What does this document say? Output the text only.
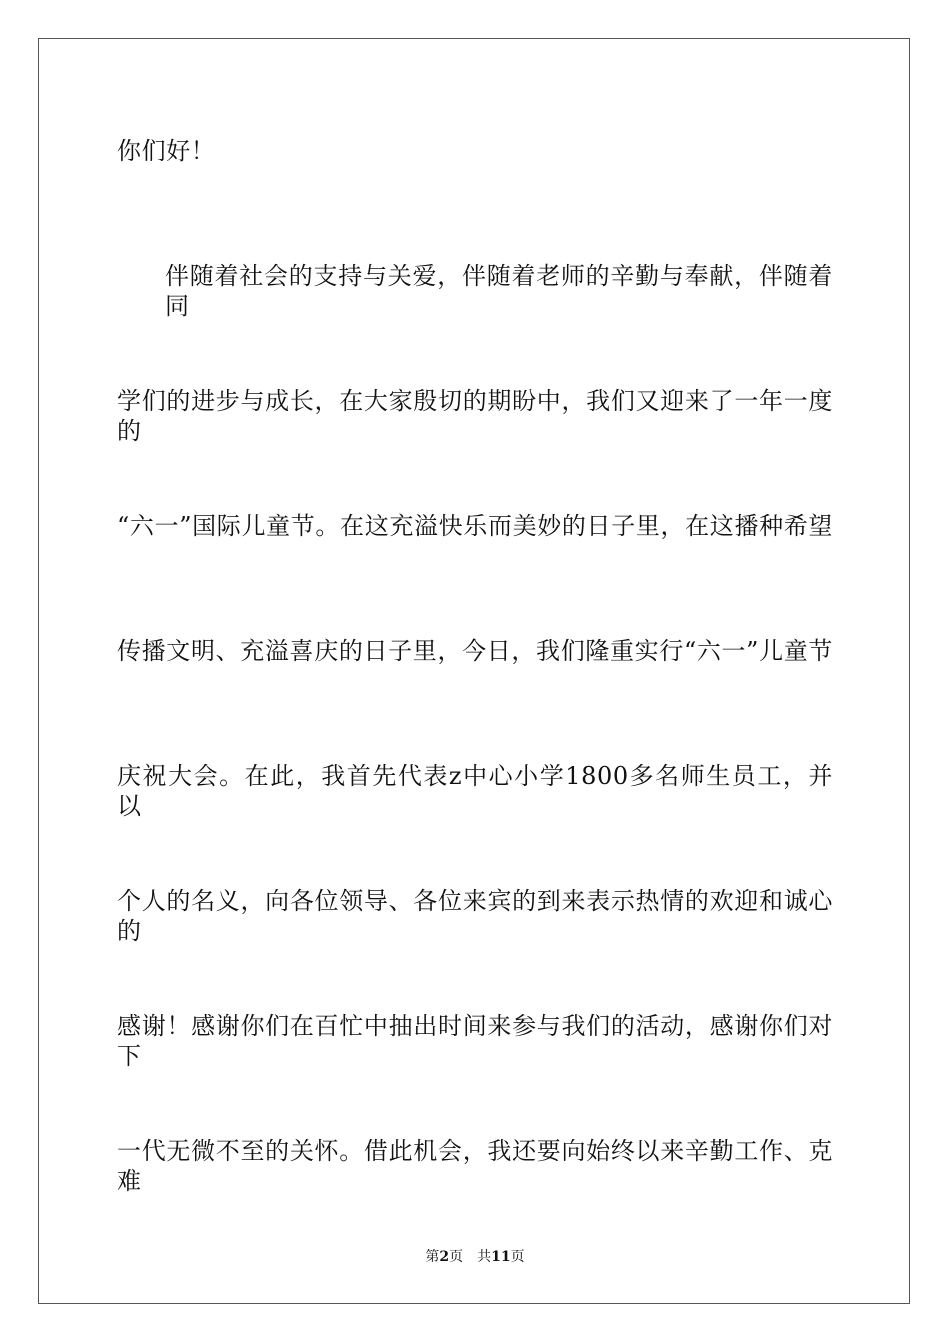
你们好！
伴随着社会的支持与关爱，伴随着老师的辛勤与奉献，伴随着同
学们的进步与成长，在大家殷切的期盼中，我们又迎来了一年一度的
“六一”国际儿童节。在这充溢快乐而美妙的日子里，在这播种希望
传播文明、充溢喜庆的日子里，今日，我们隆重实行“六一”儿童节
庆祝大会。在此，我首先代表z中心小学1800多名师生员工，并以
个人的名义，向各位领导、各位来宾的到来表示热情的欢迎和诚心的
感谢！感谢你们在百忙中抽出时间来参与我们的活动，感谢你们对下
一代无微不至的关怀。借此机会，我还要向始终以来辛勤工作、克难
第2页 共11页
